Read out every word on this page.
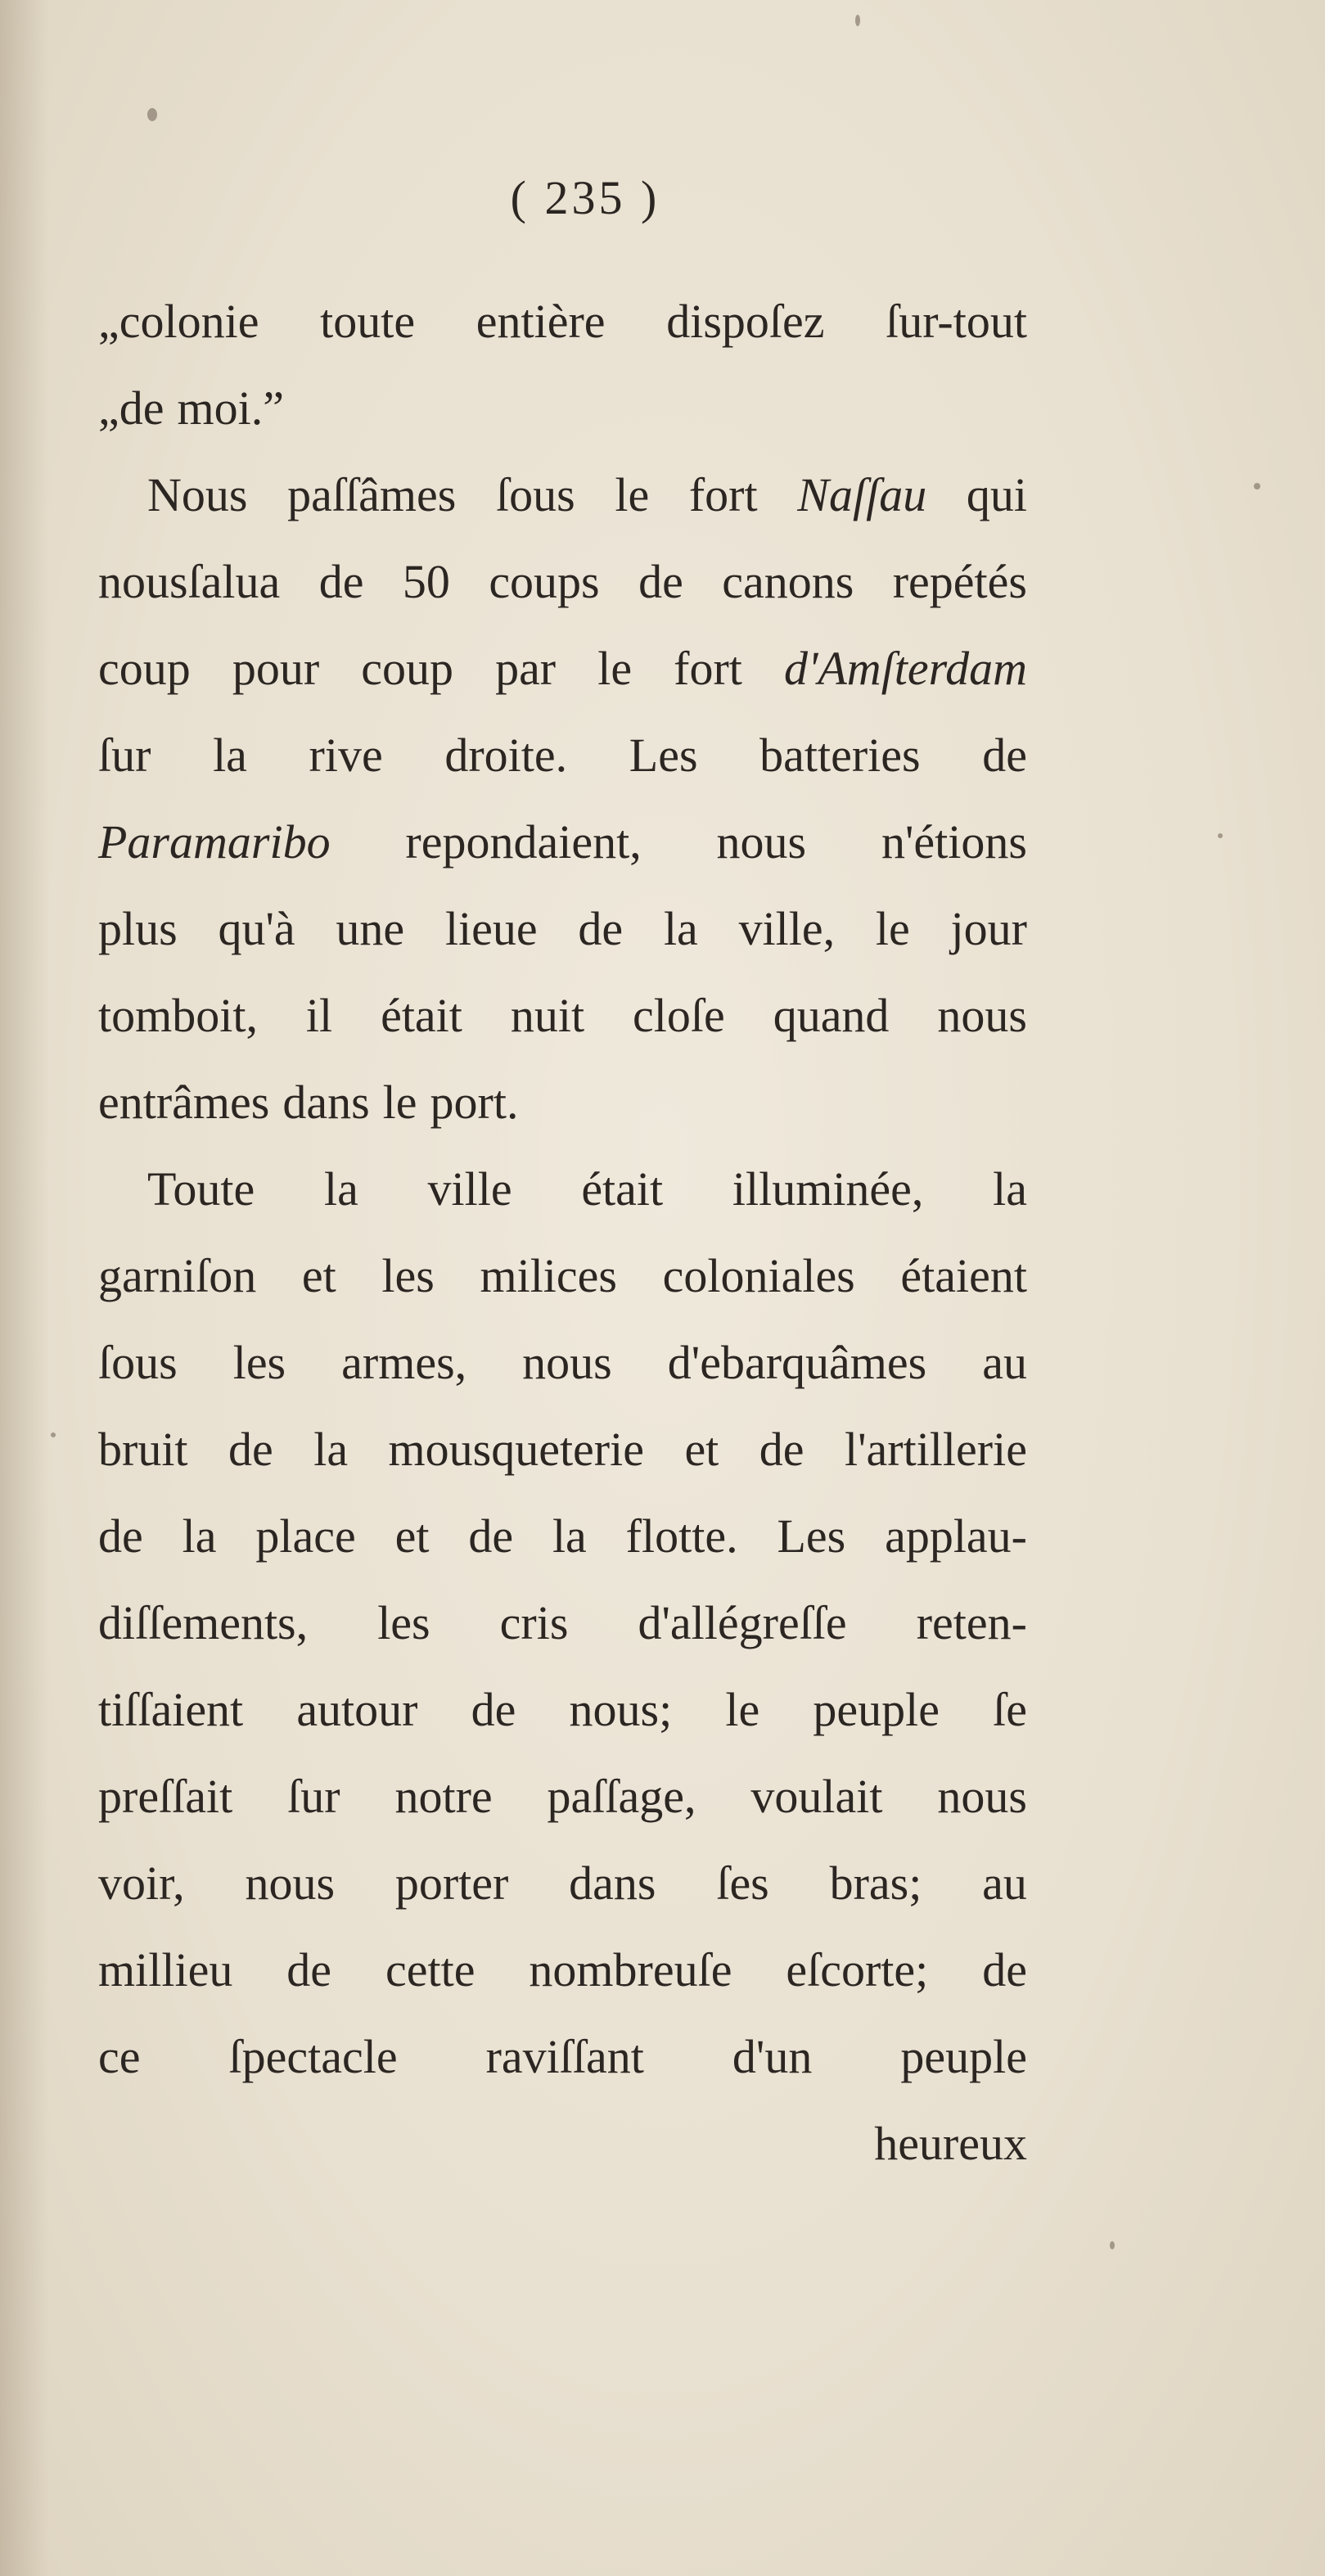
( 235 )
„colonie toute entière dispoſez ſur-tout
„de moi.”
Nous paſſâmes ſous le fort Naſſau qui
nousſalua de 50 coups de canons repétés
coup pour coup par le fort d'Amſterdam
ſur la rive droite. Les batteries de
Paramaribo repondaient, nous n'étions
plus qu'à une lieue de la ville, le jour
tomboit, il était nuit cloſe quand nous
entrâmes dans le port.
Toute la ville était illuminée, la
garniſon et les milices coloniales étaient
ſous les armes, nous d'ebarquâmes au
bruit de la mousqueterie et de l'artillerie
de la place et de la flotte. Les applau-
diſſements, les cris d'allégreſſe reten-
tiſſaient autour de nous; le peuple ſe
preſſait ſur notre paſſage, voulait nous
voir, nous porter dans ſes bras; au
millieu de cette nombreuſe eſcorte; de
ce ſpectacle raviſſant d'un peuple
heureux
